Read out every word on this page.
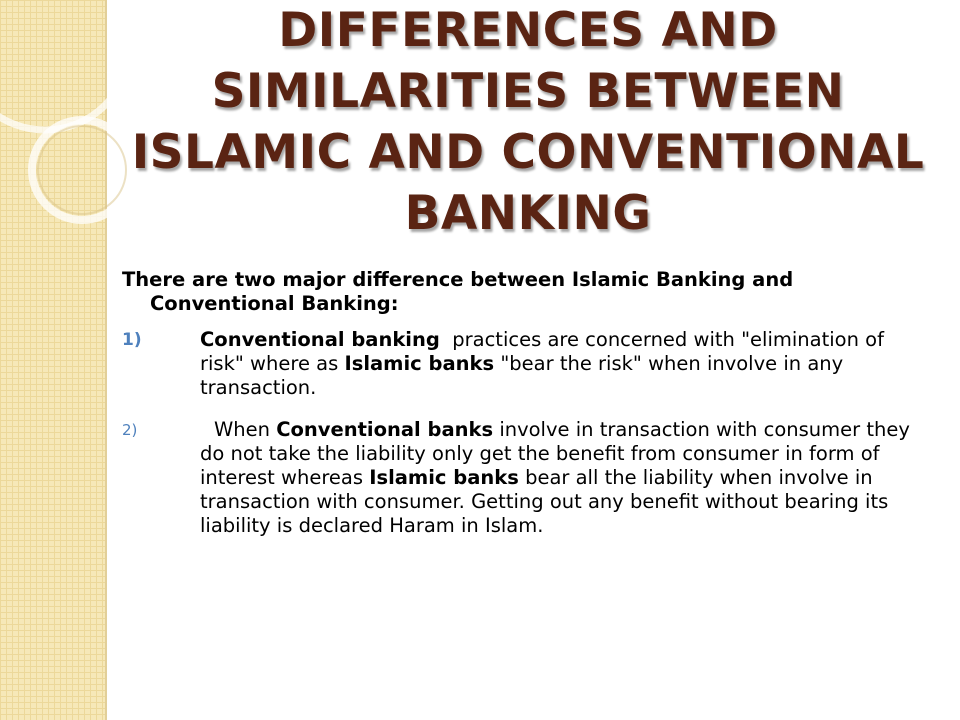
DIFFERENCES AND SIMILARITIES BETWEEN ISLAMIC AND CONVENTIONAL BANKING

There are two major difference between Islamic Banking and Conventional Banking:

1)	Conventional banking practices are concerned with "elimination of risk" where as Islamic banks "bear the risk" when involve in any transaction.

2)	When Conventional banks involve in transaction with consumer they do not take the liability only get the benefit from consumer in form of interest whereas Islamic banks bear all the liability when involve in transaction with consumer. Getting out any benefit without bearing its liability is declared Haram in Islam.
